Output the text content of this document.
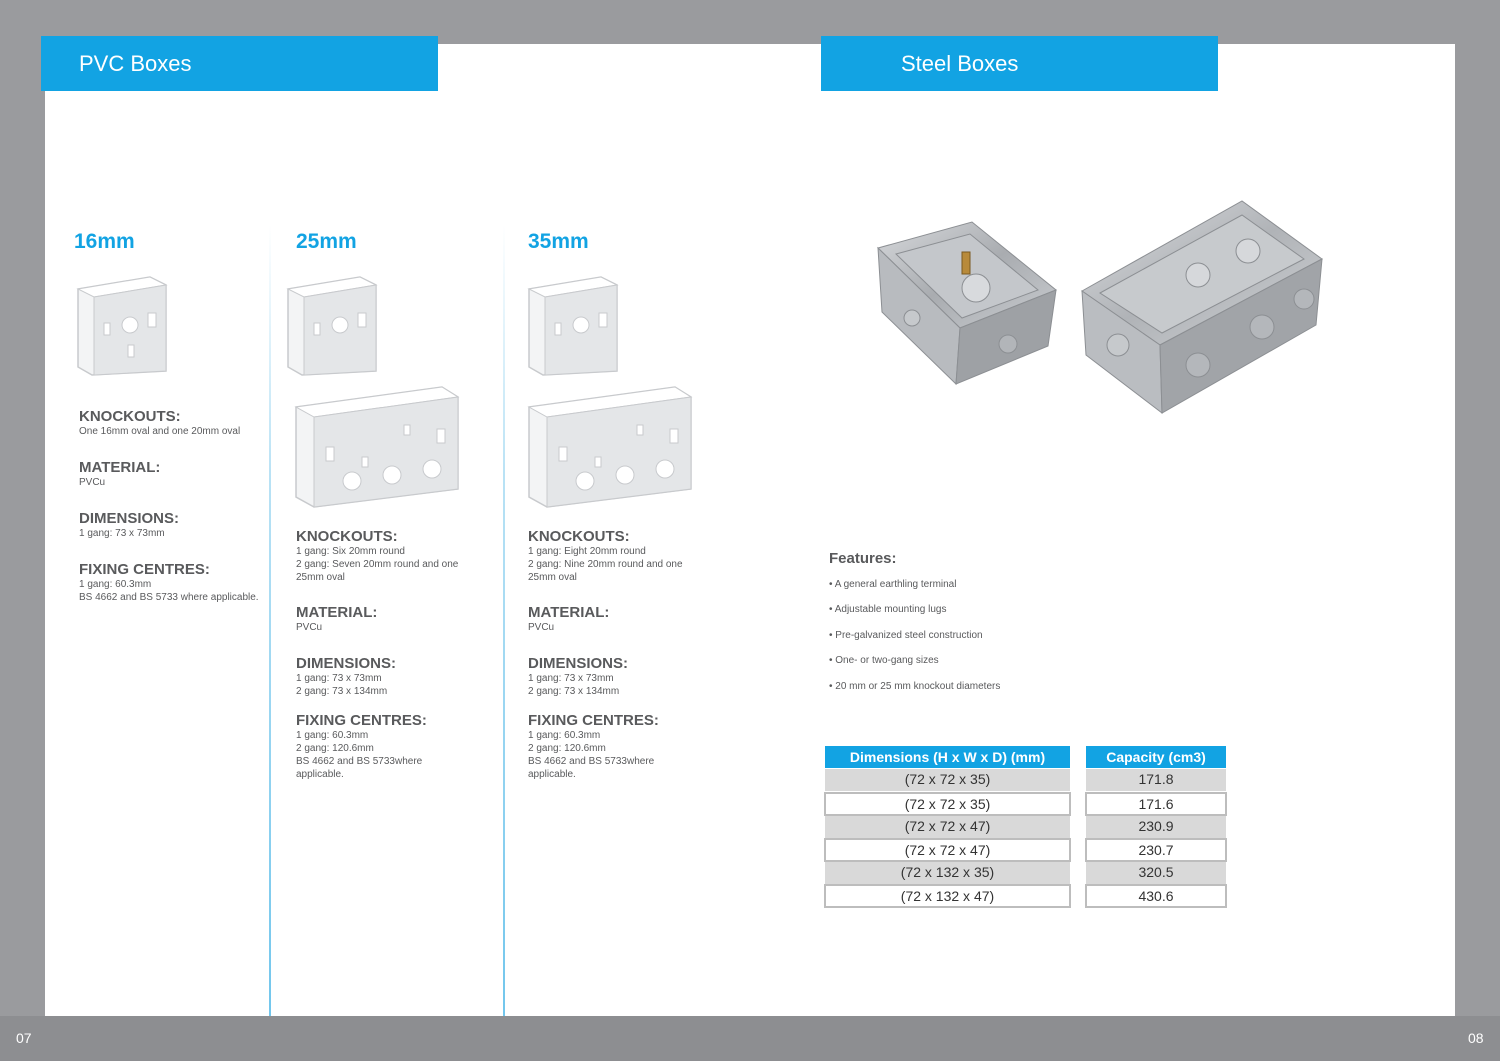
PVC Boxes	Steel Boxes
16mm
KNOCKOUTS:
One 16mm oval and one 20mm oval
MATERIAL:
PVCu
DIMENSIONS:
1 gang: 73 x 73mm
FIXING CENTRES:
1 gang: 60.3mm
BS 4662 and BS 5733 where applicable.
25mm
KNOCKOUTS:
1 gang: Six 20mm round
2 gang: Seven 20mm round and one
25mm oval
MATERIAL:
PVCu
DIMENSIONS:
1 gang: 73 x 73mm
2 gang: 73 x 134mm
FIXING CENTRES:
1 gang: 60.3mm
2 gang: 120.6mm
BS 4662 and BS 5733where
applicable.
35mm
KNOCKOUTS:
1 gang: Eight 20mm round
2 gang: Nine 20mm round and one
25mm oval
MATERIAL:
PVCu
DIMENSIONS:
1 gang: 73 x 73mm
2 gang: 73 x 134mm
FIXING CENTRES:
1 gang: 60.3mm
2 gang: 120.6mm
BS 4662 and BS 5733where
applicable.
Features:
• A general earthling terminal
• Adjustable mounting lugs
• Pre-galvanized steel construction
• One- or two-gang sizes
• 20 mm or 25 mm knockout diameters
Dimensions (H x W x D) (mm)	Capacity (cm3)
(72 x 72 x 35)	171.8
(72 x 72 x 35)	171.6
(72 x 72 x 47)	230.9
(72 x 72 x 47)	230.7
(72 x 132 x 35)	320.5
(72 x 132 x 47)	430.6
07	08
